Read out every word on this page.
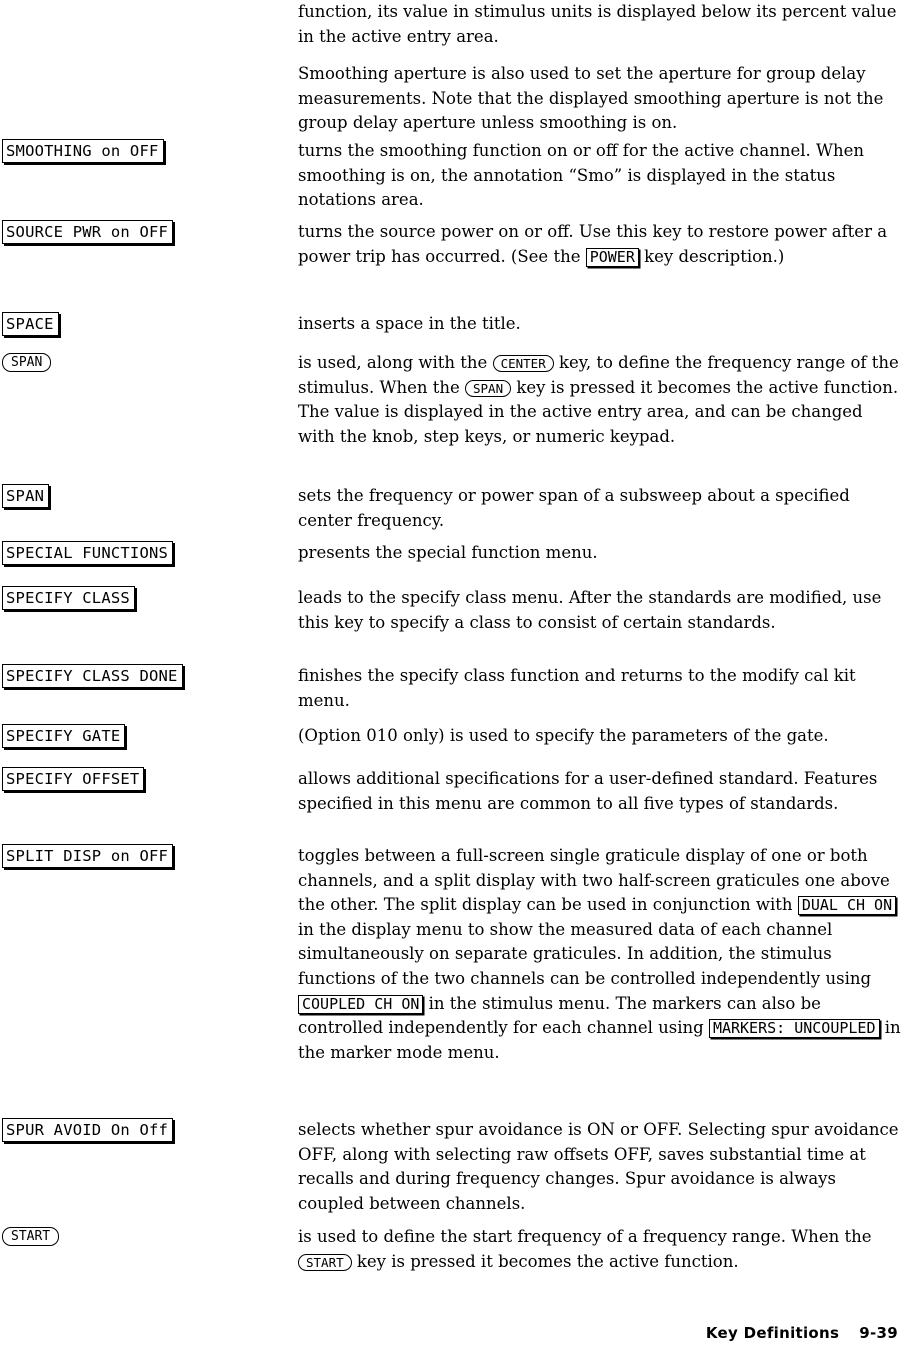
function, its value in stimulus units is displayed below its percent value in the active entry area.

Smoothing aperture is also used to set the aperture for group delay measurements. Note that the displayed smoothing aperture is not the group delay aperture unless smoothing is on.

SMOOTHING on OFF	turns the smoothing function on or off for the active channel. When smoothing is on, the annotation “Smo” is displayed in the status notations area.

SOURCE PWR on OFF	turns the source power on or off. Use this key to restore power after a power trip has occurred. (See the POWER key description.)

SPACE	inserts a space in the title.

SPAN	is used, along with the CENTER key, to define the frequency range of the stimulus. When the SPAN key is pressed it becomes the active function. The value is displayed in the active entry area, and can be changed with the knob, step keys, or numeric keypad.

SPAN	sets the frequency or power span of a subsweep about a specified center frequency.

SPECIAL FUNCTIONS	presents the special function menu.

SPECIFY CLASS	leads to the specify class menu. After the standards are modified, use this key to specify a class to consist of certain standards.

SPECIFY CLASS DONE	finishes the specify class function and returns to the modify cal kit menu.

SPECIFY GATE	(Option 010 only) is used to specify the parameters of the gate.

SPECIFY OFFSET	allows additional specifications for a user-defined standard. Features specified in this menu are common to all five types of standards.

SPLIT DISP on OFF	toggles between a full-screen single graticule display of one or both channels, and a split display with two half-screen graticules one above the other. The split display can be used in conjunction with DUAL CH ON in the display menu to show the measured data of each channel simultaneously on separate graticules. In addition, the stimulus functions of the two channels can be controlled independently using COUPLED CH ON in the stimulus menu. The markers can also be controlled independently for each channel using MARKERS: UNCOUPLED in the marker mode menu.

SPUR AVOID On Off	selects whether spur avoidance is ON or OFF. Selecting spur avoidance OFF, along with selecting raw offsets OFF, saves substantial time at recalls and during frequency changes. Spur avoidance is always coupled between channels.

START	is used to define the start frequency of a frequency range. When the START key is pressed it becomes the active function.

Key Definitions 9-39
